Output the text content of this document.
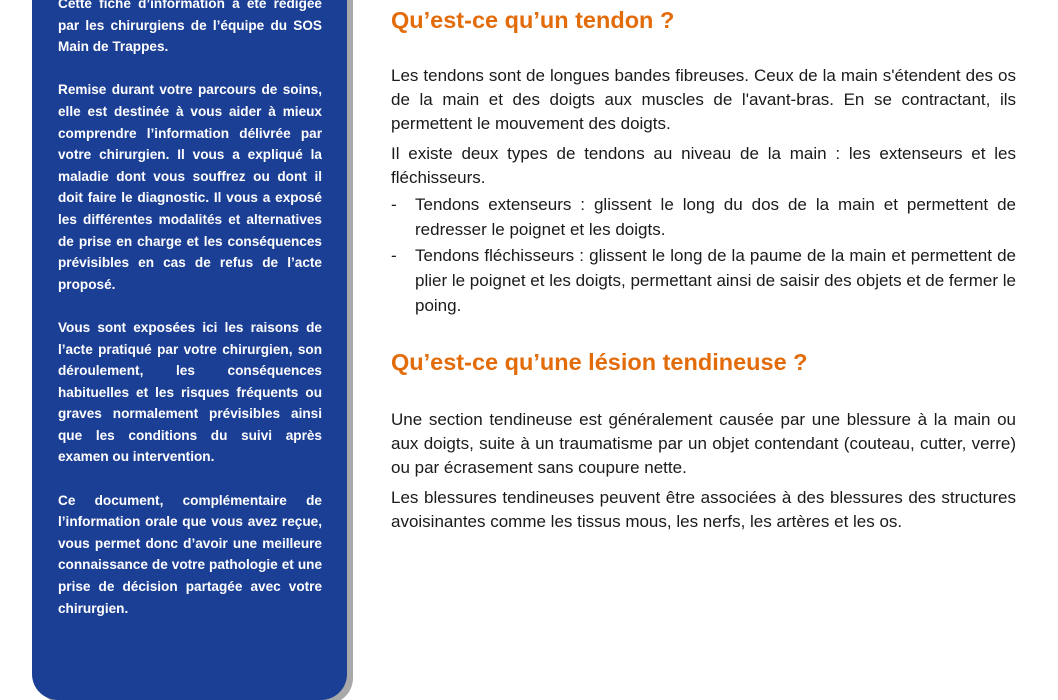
Cette fiche d’information a été rédigée par les chirurgiens de l’équipe du SOS Main de Trappes.

Remise durant votre parcours de soins, elle est destinée à vous aider à mieux comprendre l’information délivrée par votre chirurgien. Il vous a expliqué la maladie dont vous souffrez ou dont il doit faire le diagnostic. Il vous a exposé les différentes modalités et alternatives de prise en charge et les conséquences prévisibles en cas de refus de l’acte proposé.

Vous sont exposées ici les raisons de l’acte pratiqué par votre chirurgien, son déroulement, les conséquences habituelles et les risques fréquents ou graves normalement prévisibles ainsi que les conditions du suivi après examen ou intervention.

Ce document, complémentaire de l’information orale que vous avez reçue, vous permet donc d’avoir une meilleure connaissance de votre pathologie et une prise de décision partagée avec votre chirurgien.

Qu’est-ce qu’un tendon ?

Les tendons sont de longues bandes fibreuses. Ceux de la main s'étendent des os de la main et des doigts aux muscles de l'avant-bras. En se contractant, ils permettent le mouvement des doigts.

Il existe deux types de tendons au niveau de la main : les extenseurs et les fléchisseurs.

- Tendons extenseurs : glissent le long du dos de la main et permettent de redresser le poignet et les doigts.
- Tendons fléchisseurs : glissent le long de la paume de la main et permettent de plier le poignet et les doigts, permettant ainsi de saisir des objets et de fermer le poing.
Qu’est-ce qu’une lésion tendineuse ?

Une section tendineuse est généralement causée par une blessure à la main ou aux doigts, suite à un traumatisme par un objet contendant (couteau, cutter, verre) ou par écrasement sans coupure nette.

Les blessures tendineuses peuvent être associées à des blessures des structures avoisinantes comme les tissus mous, les nerfs, les artères et les os.
